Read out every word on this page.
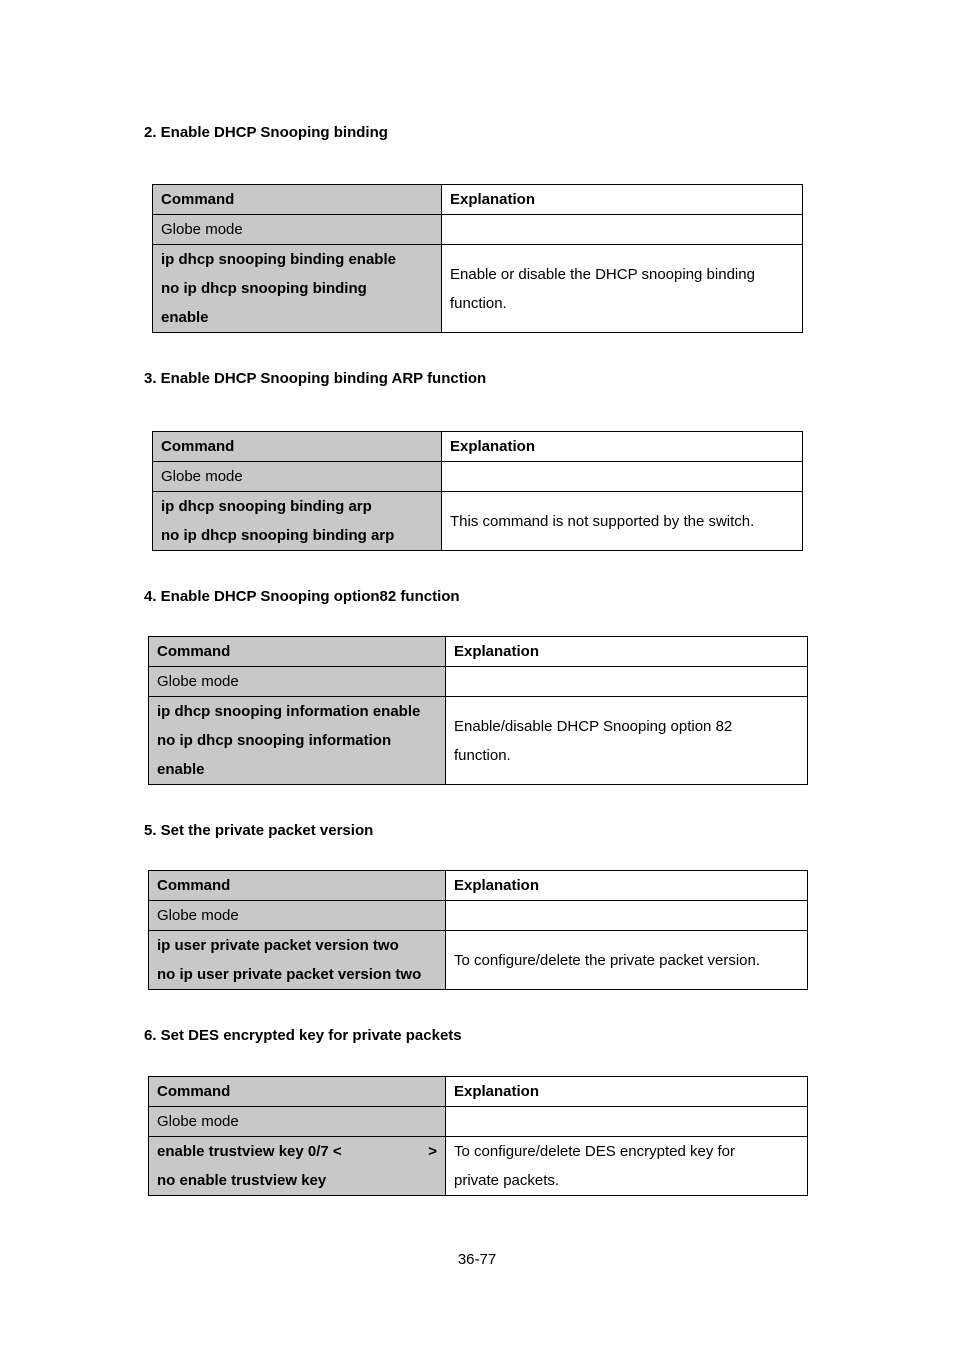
2. Enable DHCP Snooping binding
Command	Explanation
Globe mode	

ip dhcp snooping binding enable
no ip dhcp snooping binding
enable	Enable or disable the DHCP snooping binding
function.
3. Enable DHCP Snooping binding ARP function
Command	Explanation
Globe mode	

ip dhcp snooping binding arp
no ip dhcp snooping binding arp	This command is not supported by the switch.
4. Enable DHCP Snooping option82 function
Command	Explanation
Globe mode	

ip dhcp snooping information enable
no ip dhcp snooping information
enable	Enable/disable DHCP Snooping option 82
function.
5. Set the private packet version
Command	Explanation
Globe mode	

ip user private packet version two
no ip user private packet version two	To configure/delete the private packet version.
6. Set DES encrypted key for private packets
Command	Explanation
Globe mode	

enable trustview key 0/7 < >
no enable trustview key	To configure/delete DES encrypted key for
private packets.
36-77
